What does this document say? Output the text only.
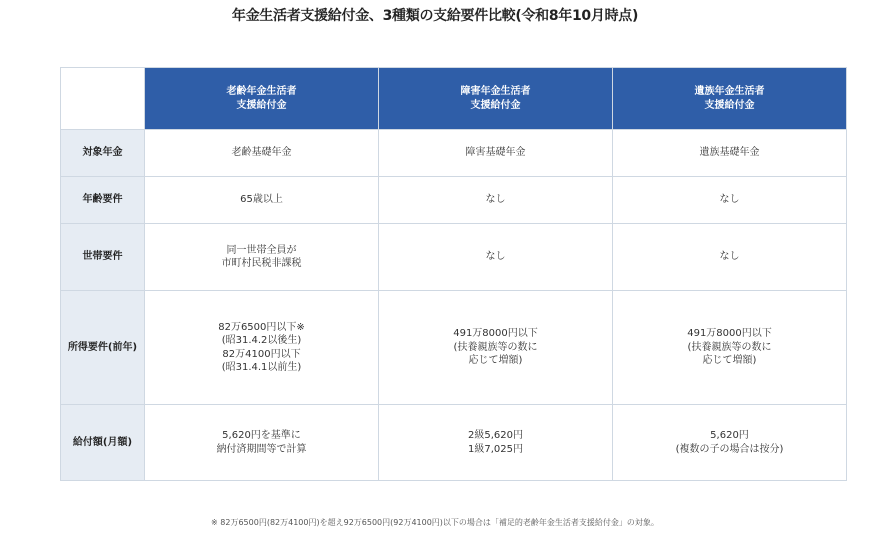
年金生活者支援給付金、3種類の支給要件比較(令和8年10月時点)

	老齢年金生活者
支援給付金	障害年金生活者
支援給付金	遺族年金生活者
支援給付金

対象年金	老齢基礎年金	障害基礎年金	遺族基礎年金

年齢要件	65歳以上	なし	なし

世帯要件	同一世帯全員が
市町村民税非課税	なし	なし

所得要件(前年)	82万6500円以下※
(昭31.4.2以後生)
82万4100円以下
(昭31.4.1以前生)	491万8000円以下
(扶養親族等の数に
応じて増額)	491万8000円以下
(扶養親族等の数に
応じて増額)

給付額(月額)	5,620円を基準に
納付済期間等で計算	2級5,620円
1級7,025円	5,620円
(複数の子の場合は按分)
※ 82万6500円(82万4100円)を超え92万6500円(92万4100円)以下の場合は「補足的老齢年金生活者支援給付金」の対象。
